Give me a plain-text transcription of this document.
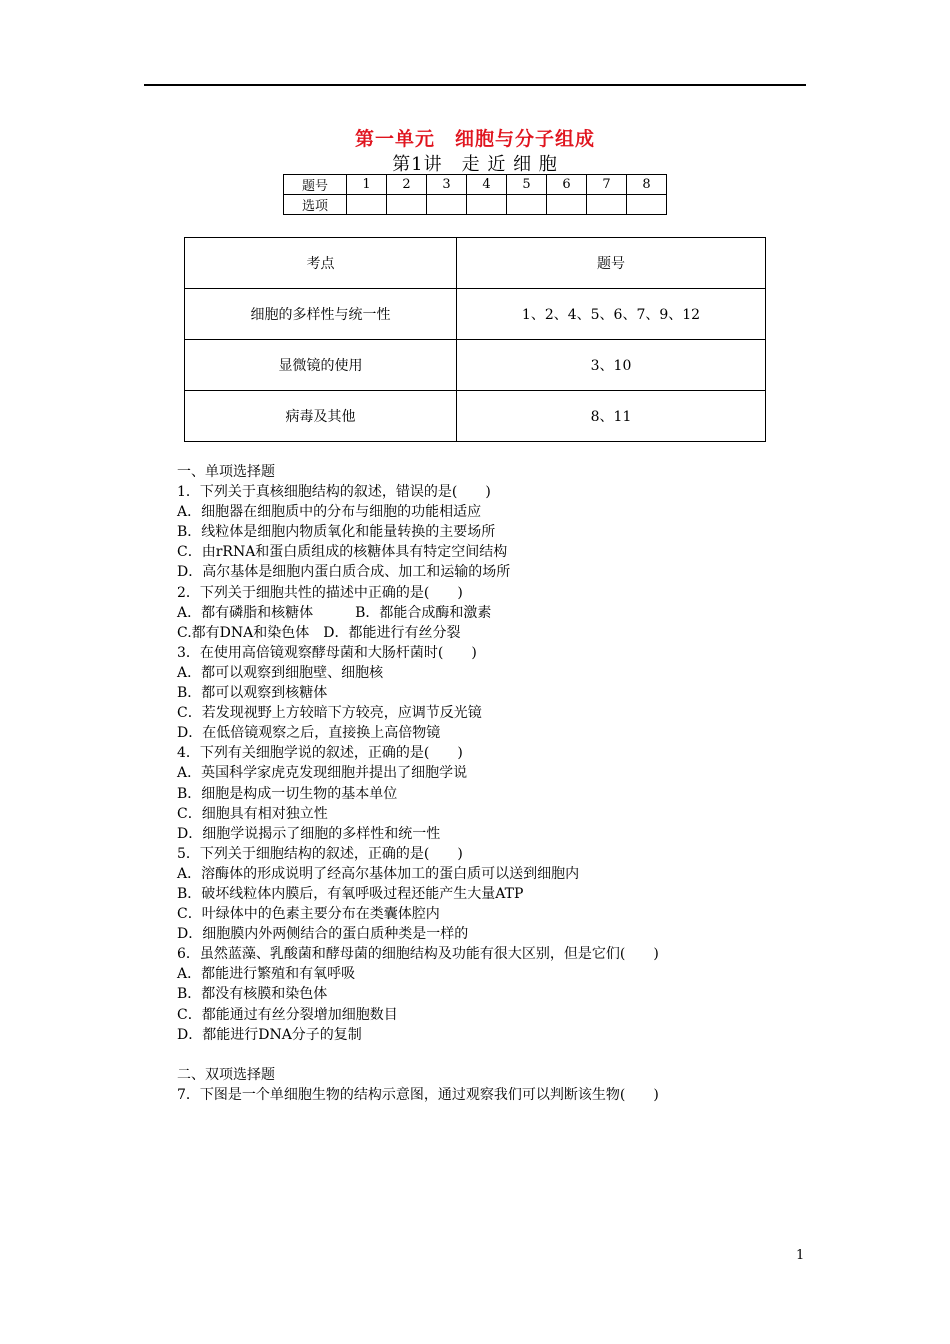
第一单元　细胞与分子组成
第1讲　走 近 细 胞
题号	1	2	3	4	5	6	7	8
选项								
考点	题号
细胞的多样性与统一性	1、2、4、5、6、7、9、12
显微镜的使用	3、10
病毒及其他	8、11
一、单项选择题
1．下列关于真核细胞结构的叙述，错误的是(　　)
A．细胞器在细胞质中的分布与细胞的功能相适应
B．线粒体是细胞内物质氧化和能量转换的主要场所
C．由rRNA和蛋白质组成的核糖体具有特定空间结构
D．高尔基体是细胞内蛋白质合成、加工和运输的场所
2．下列关于细胞共性的描述中正确的是(　　)
A．都有磷脂和核糖体　　　B．都能合成酶和激素
C.都有DNA和染色体　D．都能进行有丝分裂
3．在使用高倍镜观察酵母菌和大肠杆菌时(　　)
A．都可以观察到细胞壁、细胞核
B．都可以观察到核糖体
C．若发现视野上方较暗下方较亮，应调节反光镜
D．在低倍镜观察之后，直接换上高倍物镜
4．下列有关细胞学说的叙述，正确的是(　　)
A．英国科学家虎克发现细胞并提出了细胞学说
B．细胞是构成一切生物的基本单位
C．细胞具有相对独立性
D．细胞学说揭示了细胞的多样性和统一性
5．下列关于细胞结构的叙述，正确的是(　　)
A．溶酶体的形成说明了经高尔基体加工的蛋白质可以送到细胞内
B．破坏线粒体内膜后，有氧呼吸过程还能产生大量ATP
C．叶绿体中的色素主要分布在类囊体腔内
D．细胞膜内外两侧结合的蛋白质种类是一样的
6．虽然蓝藻、乳酸菌和酵母菌的细胞结构及功能有很大区别，但是它们(　　)
A．都能进行繁殖和有氧呼吸
B．都没有核膜和染色体
C．都能通过有丝分裂增加细胞数目
D．都能进行DNA分子的复制
二、双项选择题
7．下图是一个单细胞生物的结构示意图，通过观察我们可以判断该生物(　　)
1
